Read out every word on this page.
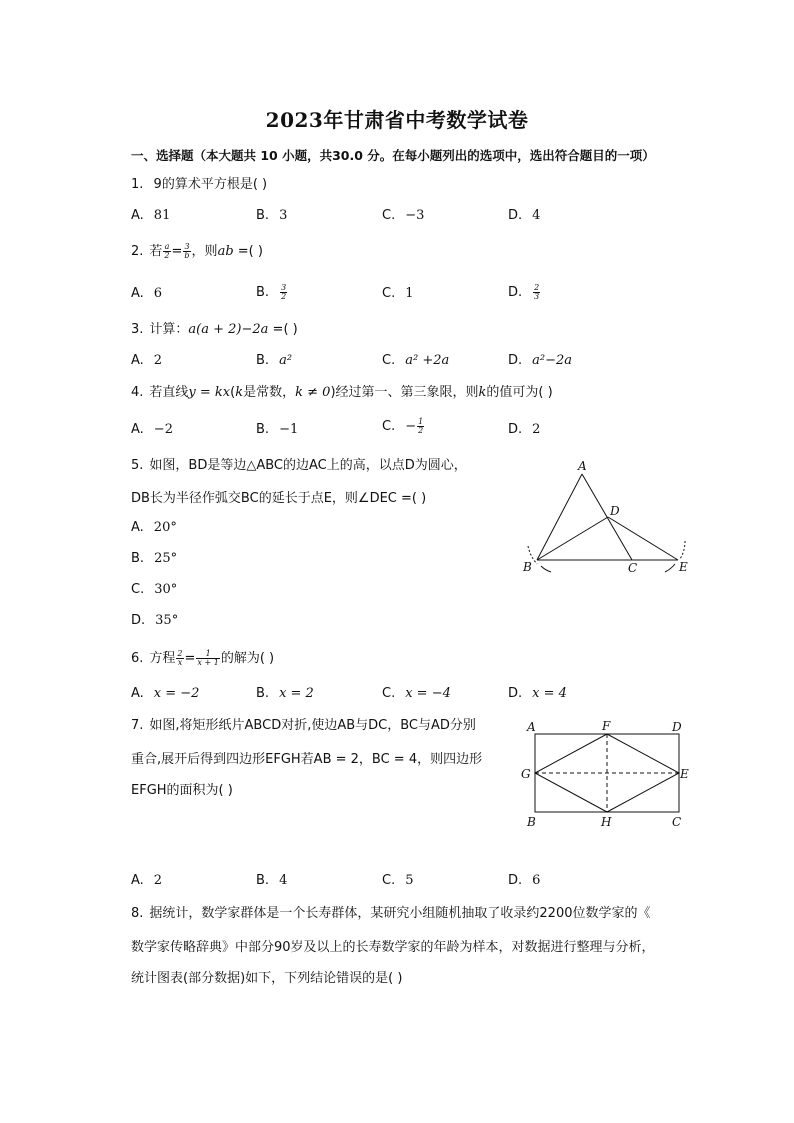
2023年甘肃省中考数学试卷
一、选择题（本大题共 10 小题，共30.0 分。在每小题列出的选项中，选出符合题目的一项）
1. 9的算术平方根是( )
A. 81	B. 3	C. −3	D. 4
2. 若 $\frac{a}{2} = \frac{3}{b}$ ，则ab =( )
A. 6	B. $\frac{3}{2}$	C. 1	D. $\frac{2}{3}$
3. 计算：a(a + 2)−2a =( )
A. 2	B. a²	C. a² +2a	D. a²−2a
4. 若直线y = kx(k是常数，k ≠ 0)经过第一、第三象限，则k的值可为( )
A. −2	B. −1	C. − $\frac{1}{2}$	D. 2
5. 如图，BD是等边△ABC的边AC上的高，以点D为圆心，
DB长为半径作弧交BC的延长于点E，则∠DEC =( )
A. 20°
B. 25°
C. 30°
D. 35°
A
D
B	C	E
6. 方程 $\frac{2}{x} = \frac{1}{x + 1}$ 的解为( )
A. x = −2	B. x = 2	C. x = −4	D. x = 4
7. 如图,将矩形纸片ABCD对折,使边AB与DC，BC与AD分别
重合,展开后得到四边形EFGH若AB = 2，BC = 4，则四边形
EFGH的面积为( )
A	F	D
G	E
B	H	C
A. 2	B. 4	C. 5	D. 6
8. 据统计，数学家群体是一个长寿群体，某研究小组随机抽取了收录约2200位数学家的《
数学家传略辞典》中部分90岁及以上的长寿数学家的年龄为样本，对数据进行整理与分析，
统计图表(部分数据)如下，下列结论错误的是( )
